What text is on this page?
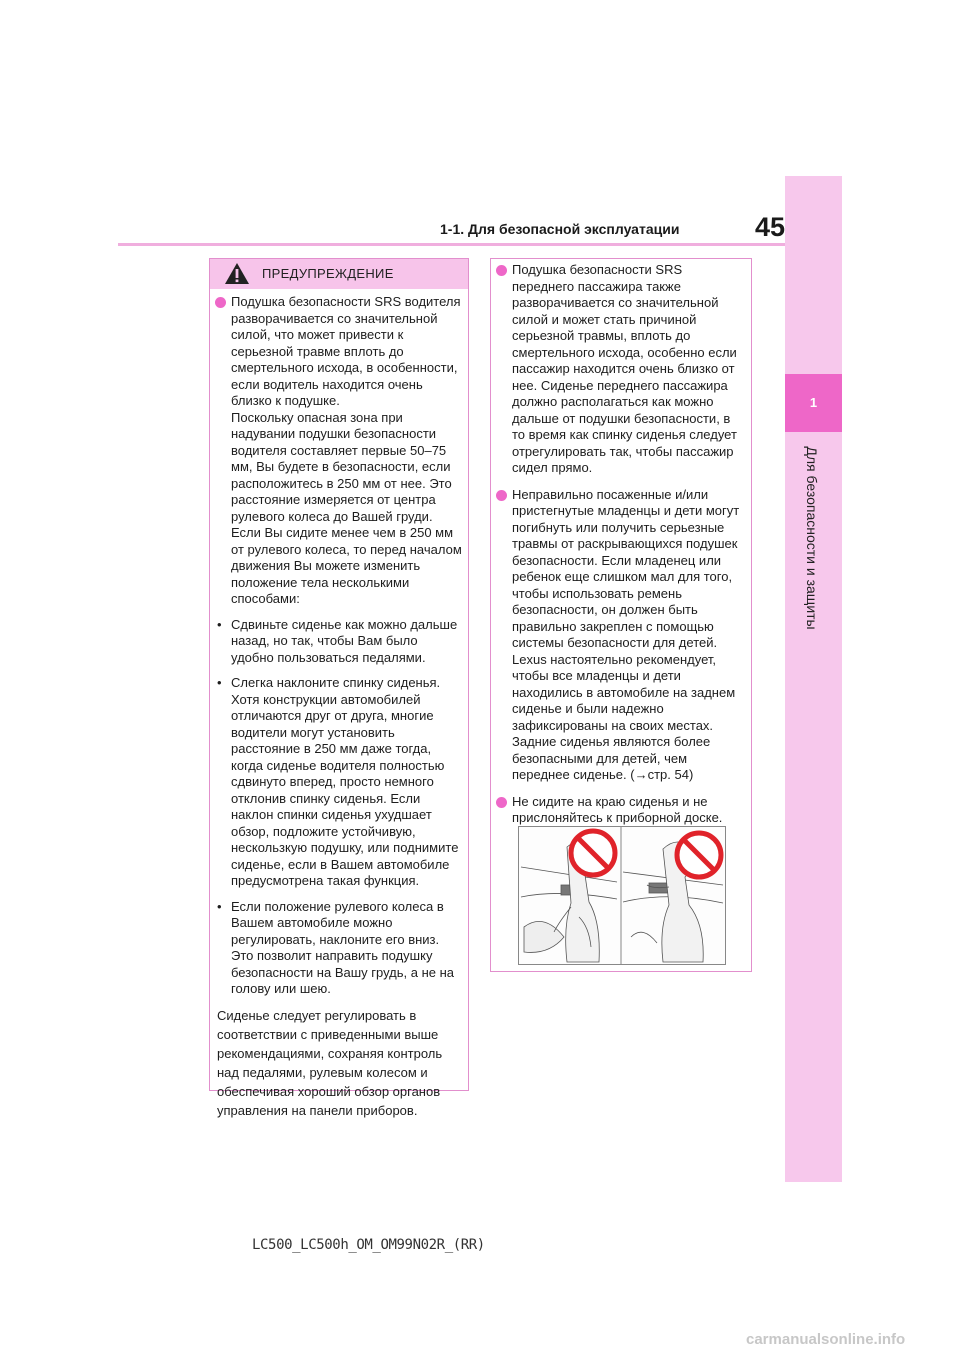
1-1. Для безопасной эксплуатации	45
1
Для безопасности и защиты
ПРЕДУПРЕЖДЕНИЕ
Подушка безопасности SRS водителя
разворачивается со значительной
силой, что может привести к
серьезной травме вплоть до
смертельного исхода, в особенности,
если водитель находится очень
близко к подушке.
Поскольку опасная зона при
надувании подушки безопасности
водителя составляет первые 50–75
мм, Вы будете в безопасности, если
расположитесь в 250 мм от нее. Это
расстояние измеряется от центра
рулевого колеса до Вашей груди.
Если Вы сидите менее чем в 250 мм
от рулевого колеса, то перед началом
движения Вы можете изменить
положение тела несколькими
способами:
• Сдвиньте сиденье как можно дальше
назад, но так, чтобы Вам было
удобно пользоваться педалями.
• Слегка наклоните спинку сиденья.
Хотя конструкции автомобилей
отличаются друг от друга, многие
водители могут установить
расстояние в 250 мм даже тогда,
когда сиденье водителя полностью
сдвинуто вперед, просто немного
отклонив спинку сиденья. Если
наклон спинки сиденья ухудшает
обзор, подложите устойчивую,
нескользкую подушку, или поднимите
сиденье, если в Вашем автомобиле
предусмотрена такая функция.
• Если положение рулевого колеса в
Вашем автомобиле можно
регулировать, наклоните его вниз.
Это позволит направить подушку
безопасности на Вашу грудь, а не на
голову или шею.
Сиденье следует регулировать в
соответствии с приведенными выше
рекомендациями, сохраняя контроль
над педалями, рулевым колесом и
обеспечивая хороший обзор органов
управления на панели приборов.
Подушка безопасности SRS
переднего пассажира также
разворачивается со значительной
силой и может стать причиной
серьезной травмы, вплоть до
смертельного исхода, особенно если
пассажир находится очень близко от
нее. Сиденье переднего пассажира
должно располагаться как можно
дальше от подушки безопасности, в
то время как спинку сиденья следует
отрегулировать так, чтобы пассажир
сидел прямо.
Неправильно посаженные и/или
пристегнутые младенцы и дети могут
погибнуть или получить серьезные
травмы от раскрывающихся подушек
безопасности. Если младенец или
ребенок еще слишком мал для того,
чтобы использовать ремень
безопасности, он должен быть
правильно закреплен с помощью
системы безопасности для детей.
Lexus настоятельно рекомендует,
чтобы все младенцы и дети
находились в автомобиле на заднем
сиденье и были надежно
зафиксированы на своих местах.
Задние сиденья являются более
безопасными для детей, чем
переднее сиденье. (→стр. 54)
Не сидите на краю сиденья и не
прислоняйтесь к приборной доске.
LC500_LC500h_OM_OM99N02R_(RR)
carmanualsonline.info
